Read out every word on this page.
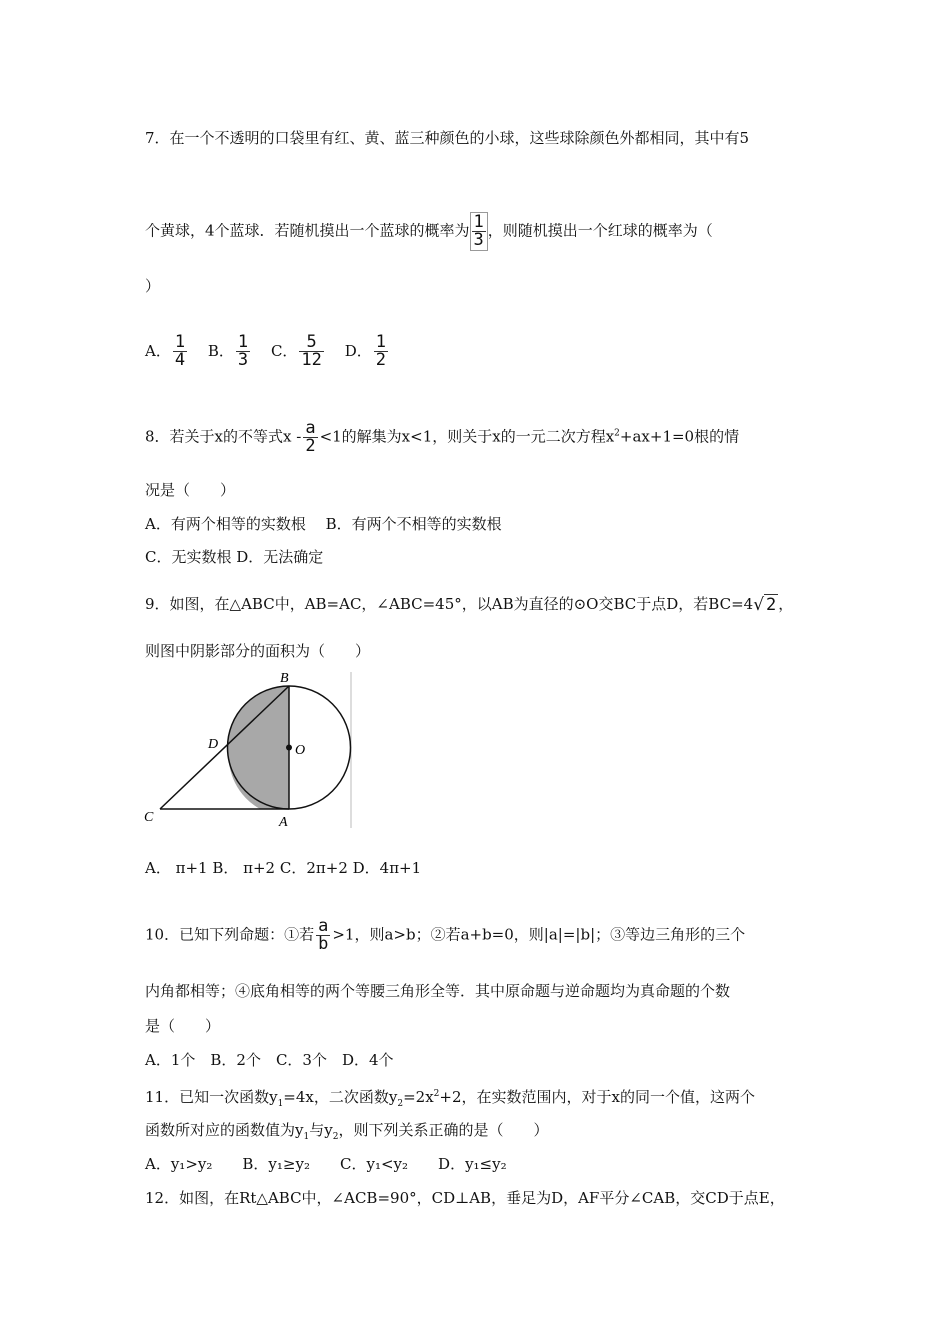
7．在一个不透明的口袋里有红、黄、蓝三种颜色的小球，这些球除颜色外都相同，其中有5
个黄球，4个蓝球．若随机摸出一个蓝球的概率为 $\frac{1}{3}$ ，则随机摸出一个红球的概率为（
）
A． $\frac{1}{4}$ B． $\frac{1}{3}$ C． $\frac{5}{12}$ D． $\frac{1}{2}$
8．若关于x的不等式$x - \frac{a}{2} <1$的解集为x<1，则关于x的一元二次方程$x^2+ax+1=0$根的情
况是（　　）
A．有两个相等的实数根　 B．有两个不相等的实数根
C．无实数根 D．无法确定
9．如图，在△ABC中，AB=AC，∠ABC=45°，以AB为直径的⊙O交BC于点D，若BC=4√ 2 ，
则图中阴影部分的面积为（　　）
B
D	O
C	A
A． π+1 B． π+2 C．2π+2 D．4π+1
10．已知下列命题：①若 $\frac{a}{b} >1$，则a>b；②若a+b=0，则|a|=|b|；③等边三角形的三个
内角都相等；④底角相等的两个等腰三角形全等．其中原命题与逆命题均为真命题的个数
是（　　）
A．1个　B．2个　C．3个　D．4个
11．已知一次函数$y_1=4x$，二次函数$y_2=2x^2+2$，在实数范围内，对于x的同一个值，这两个
函数所对应的函数值为$y_1$与$y_2$，则下列关系正确的是（　　）
A．y₁>y₂　　 B．y₁≥y₂　　 C．y₁<y₂　　 D．y₁≤y₂
12．如图，在Rt△ABC中，∠ACB=90°，CD⊥AB，垂足为D，AF平分∠CAB，交CD于点E，
